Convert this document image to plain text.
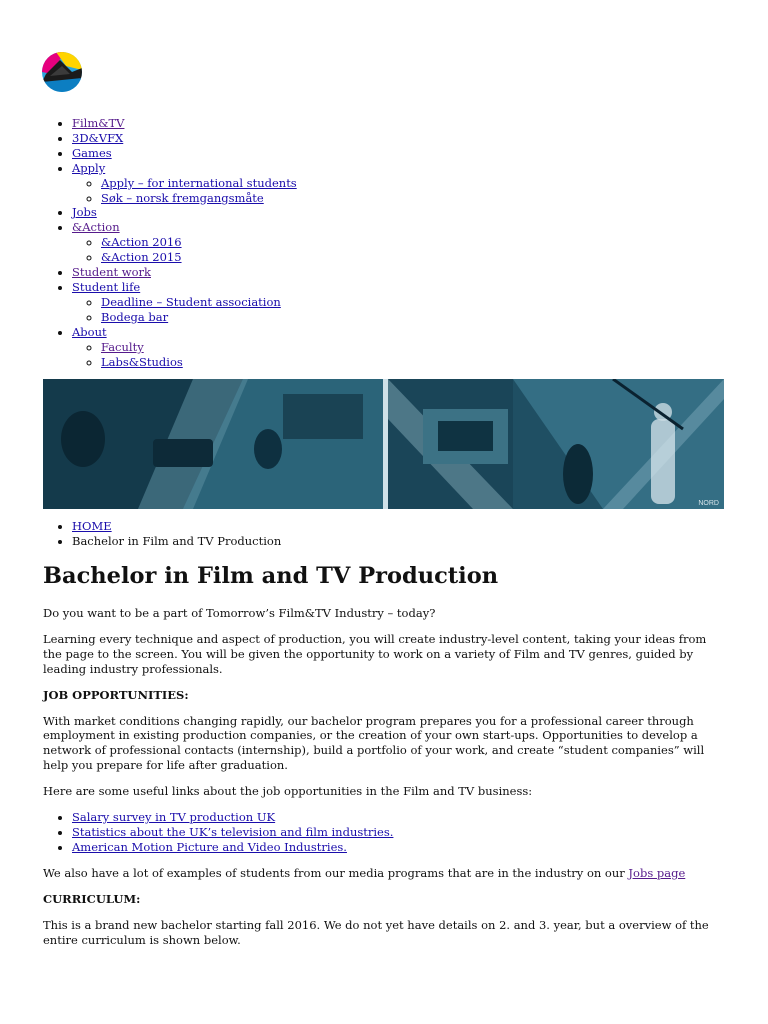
• Film&TV
• 3D&VFX
• Games
• Apply
◦ Apply – for international students
◦ Søk – norsk fremgangsmåte
• Jobs
• &Action
◦ &Action 2016
◦ &Action 2015
• Student work
• Student life
◦ Deadline – Student association
◦ Bodega bar
• About
◦ Faculty
◦ Labs&Studios
NORD
• HOME
• Bachelor in Film and TV Production
Bachelor in Film and TV Production

Do you want to be a part of Tomorrow’s Film&TV Industry – today?

Learning every technique and aspect of production, you will create industry-level content, taking your ideas from the page to the screen. You will be given the opportunity to work on a variety of Film and TV genres, guided by leading industry professionals.

JOB OPPORTUNITIES:

With market conditions changing rapidly, our bachelor program prepares you for a professional career through employment in existing production companies, or the creation of your own start-ups. Opportunities to develop a network of professional contacts (internship), build a portfolio of your work, and create “student companies” will help you prepare for life after graduation.

Here are some useful links about the job opportunities in the Film and TV business:

• Salary survey in TV production UK
• Statistics about the UK’s television and film industries.
• American Motion Picture and Video Industries.

We also have a lot of examples of students from our media programs that are in the industry on our Jobs page

CURRICULUM:

This is a brand new bachelor starting fall 2016. We do not yet have details on 2. and 3. year, but a overview of the entire curriculum is shown below.
